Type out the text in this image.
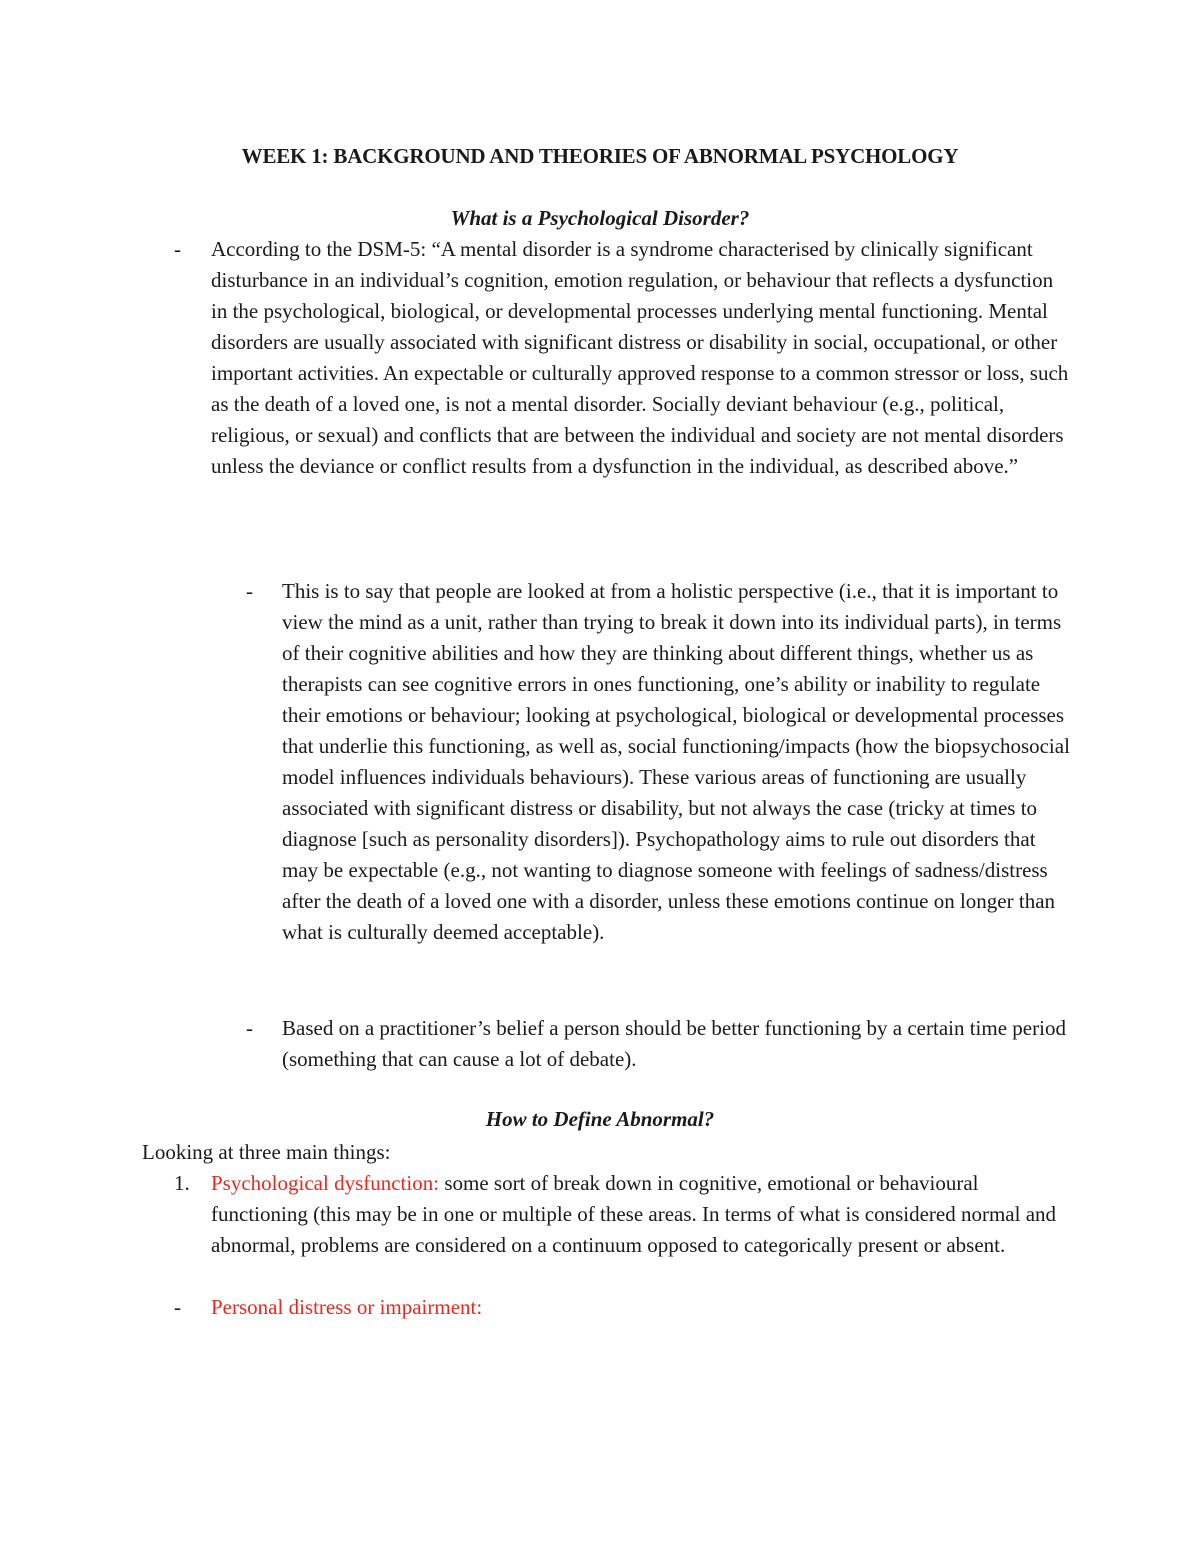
WEEK 1: BACKGROUND AND THEORIES OF ABNORMAL PSYCHOLOGY
What is a Psychological Disorder?
- According to the DSM-5: “A mental disorder is a syndrome characterised by clinically significant disturbance in an individual’s cognition, emotion regulation, or behaviour that reflects a dysfunction in the psychological, biological, or developmental processes underlying mental functioning. Mental disorders are usually associated with significant distress or disability in social, occupational, or other important activities. An expectable or culturally approved response to a common stressor or loss, such as the death of a loved one, is not a mental disorder. Socially deviant behaviour (e.g., political, religious, or sexual) and conflicts that are between the individual and society are not mental disorders unless the deviance or conflict results from a dysfunction in the individual, as described above.”
- This is to say that people are looked at from a holistic perspective (i.e., that it is important to view the mind as a unit, rather than trying to break it down into its individual parts), in terms of their cognitive abilities and how they are thinking about different things, whether us as therapists can see cognitive errors in ones functioning, one’s ability or inability to regulate their emotions or behaviour; looking at psychological, biological or developmental processes that underlie this functioning, as well as, social functioning/impacts (how the biopsychosocial model influences individuals behaviours). These various areas of functioning are usually associated with significant distress or disability, but not always the case (tricky at times to diagnose [such as personality disorders]). Psychopathology aims to rule out disorders that may be expectable (e.g., not wanting to diagnose someone with feelings of sadness/distress after the death of a loved one with a disorder, unless these emotions continue on longer than what is culturally deemed acceptable).
- Based on a practitioner’s belief a person should be better functioning by a certain time period (something that can cause a lot of debate).
How to Define Abnormal?
Looking at three main things:
1. Psychological dysfunction: some sort of break down in cognitive, emotional or behavioural functioning (this may be in one or multiple of these areas. In terms of what is considered normal and abnormal, problems are considered on a continuum opposed to categorically present or absent.
- Personal distress or impairment:
